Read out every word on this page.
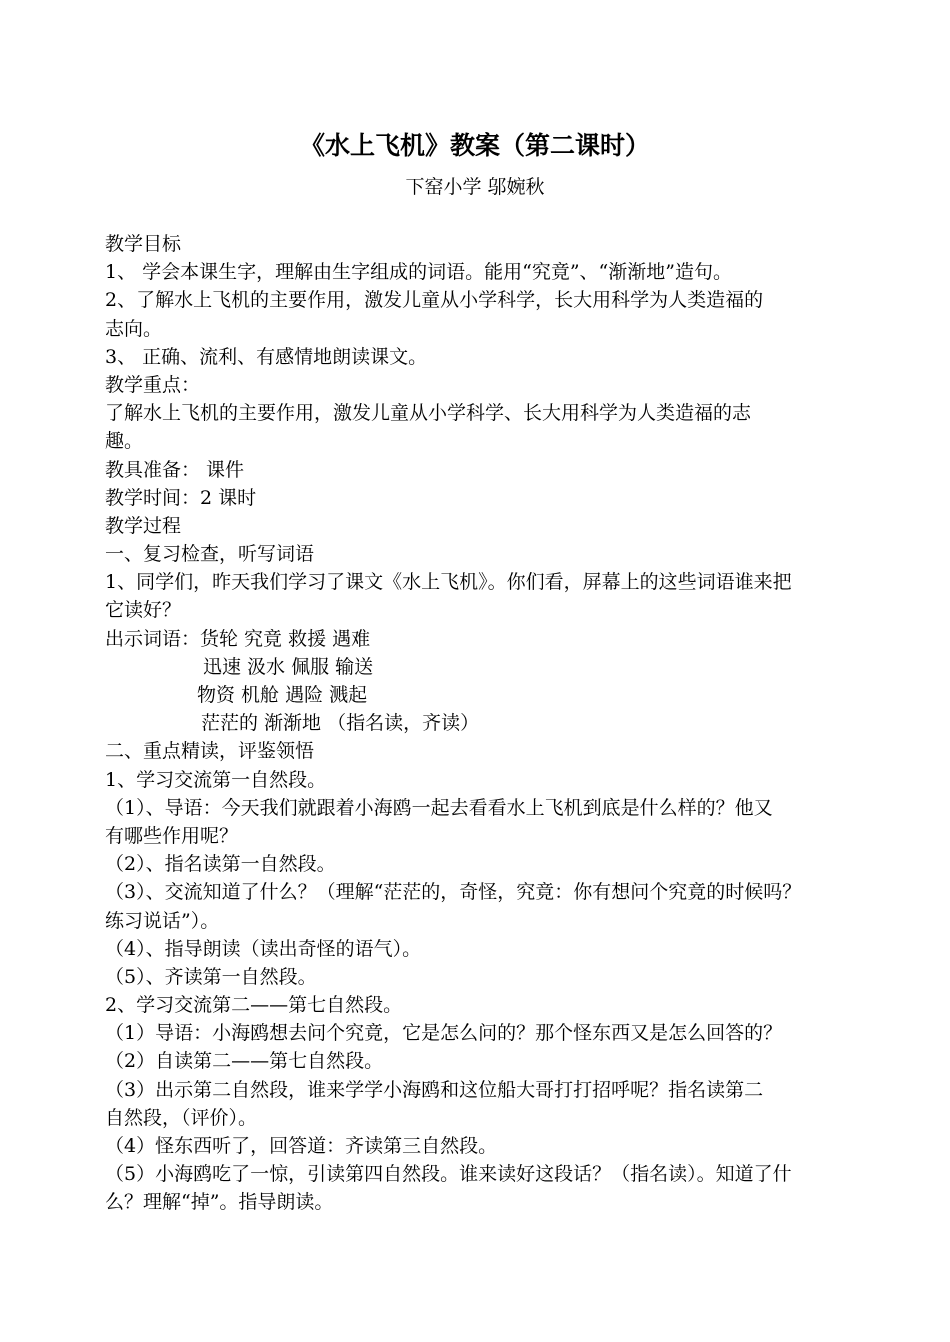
《水上飞机》教案（第二课时）
下窑小学 邬婉秋
教学目标
1、 学会本课生字，理解由生字组成的词语。能用“究竟”、“渐渐地”造句。
2、了解水上飞机的主要作用，激发儿童从小学科学，长大用科学为人类造福的
志向。
3、 正确、流利、有感情地朗读课文。
教学重点：
了解水上飞机的主要作用，激发儿童从小学科学、长大用科学为人类造福的志
趣。
教具准备： 课件
教学时间：2 课时
教学过程
一、复习检查，听写词语
1、同学们，昨天我们学习了课文《水上飞机》。你们看，屏幕上的这些词语谁来把
它读好？
出示词语：货轮 究竟 救援 遇难
迅速 汲水 佩服 输送
物资 机舱 遇险 溅起
茫茫的 渐渐地 （指名读，齐读）
二、重点精读，评鉴领悟
1、学习交流第一自然段。
（1）、导语：今天我们就跟着小海鸥一起去看看水上飞机到底是什么样的？他又
有哪些作用呢？
（2）、指名读第一自然段。
（3）、交流知道了什么？（理解“茫茫的，奇怪，究竟：你有想问个究竟的时候吗？
练习说话”）。
（4）、指导朗读（读出奇怪的语气）。
（5）、齐读第一自然段。
2、学习交流第二——第七自然段。
（1）导语：小海鸥想去问个究竟，它是怎么问的？那个怪东西又是怎么回答的？
（2）自读第二——第七自然段。
（3）出示第二自然段，谁来学学小海鸥和这位船大哥打打招呼呢？指名读第二
自然段，（评价）。
（4）怪东西听了，回答道：齐读第三自然段。
（5）小海鸥吃了一惊，引读第四自然段。谁来读好这段话？（指名读）。知道了什
么？理解“掉”。指导朗读。
